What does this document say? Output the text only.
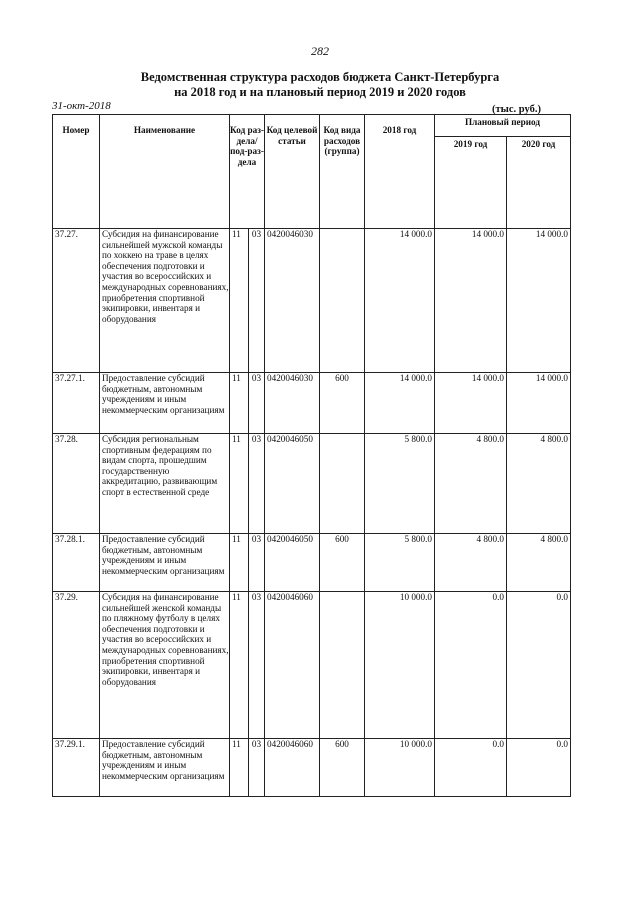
282
Ведомственная структура расходов бюджета Санкт-Петербурга
на 2018 год и на плановый период 2019 и 2020 годов
31-окт-2018	(тыс. руб.)
Номер	Наименование	Код раз-дела/ под-раз-дела		Код целевой статьи	Код вида расходов (группа)	2018 год	Плановый период	
							2019 год	2020 год
37.27.	Субсидия на финансирование сильнейшей мужской команды по хоккею на траве в целях обеспечения подготовки и участия во всероссийских и международных соревнованиях, приобретения спортивной экипировки, инвентаря и оборудования	11	03	0420046030		14 000.0	14 000.0	14 000.0
37.27.1.	Предоставление субсидий бюджетным, автономным учреждениям и иным некоммерческим организациям	11	03	0420046030	600	14 000.0	14 000.0	14 000.0
37.28.	Субсидия региональным спортивным федерациям по видам спорта, прошедшим государственную аккредитацию, развивающим спорт в естественной среде	11	03	0420046050		5 800.0	4 800.0	4 800.0
37.28.1.	Предоставление субсидий бюджетным, автономным учреждениям и иным некоммерческим организациям	11	03	0420046050	600	5 800.0	4 800.0	4 800.0
37.29.	Субсидия на финансирование сильнейшей женской команды по пляжному футболу в целях обеспечения подготовки и участия во всероссийских и международных соревнованиях, приобретения спортивной экипировки, инвентаря и оборудования	11	03	0420046060		10 000.0	0.0	0.0
37.29.1.	Предоставление субсидий бюджетным, автономным учреждениям и иным некоммерческим организациям	11	03	0420046060	600	10 000.0	0.0	0.0
